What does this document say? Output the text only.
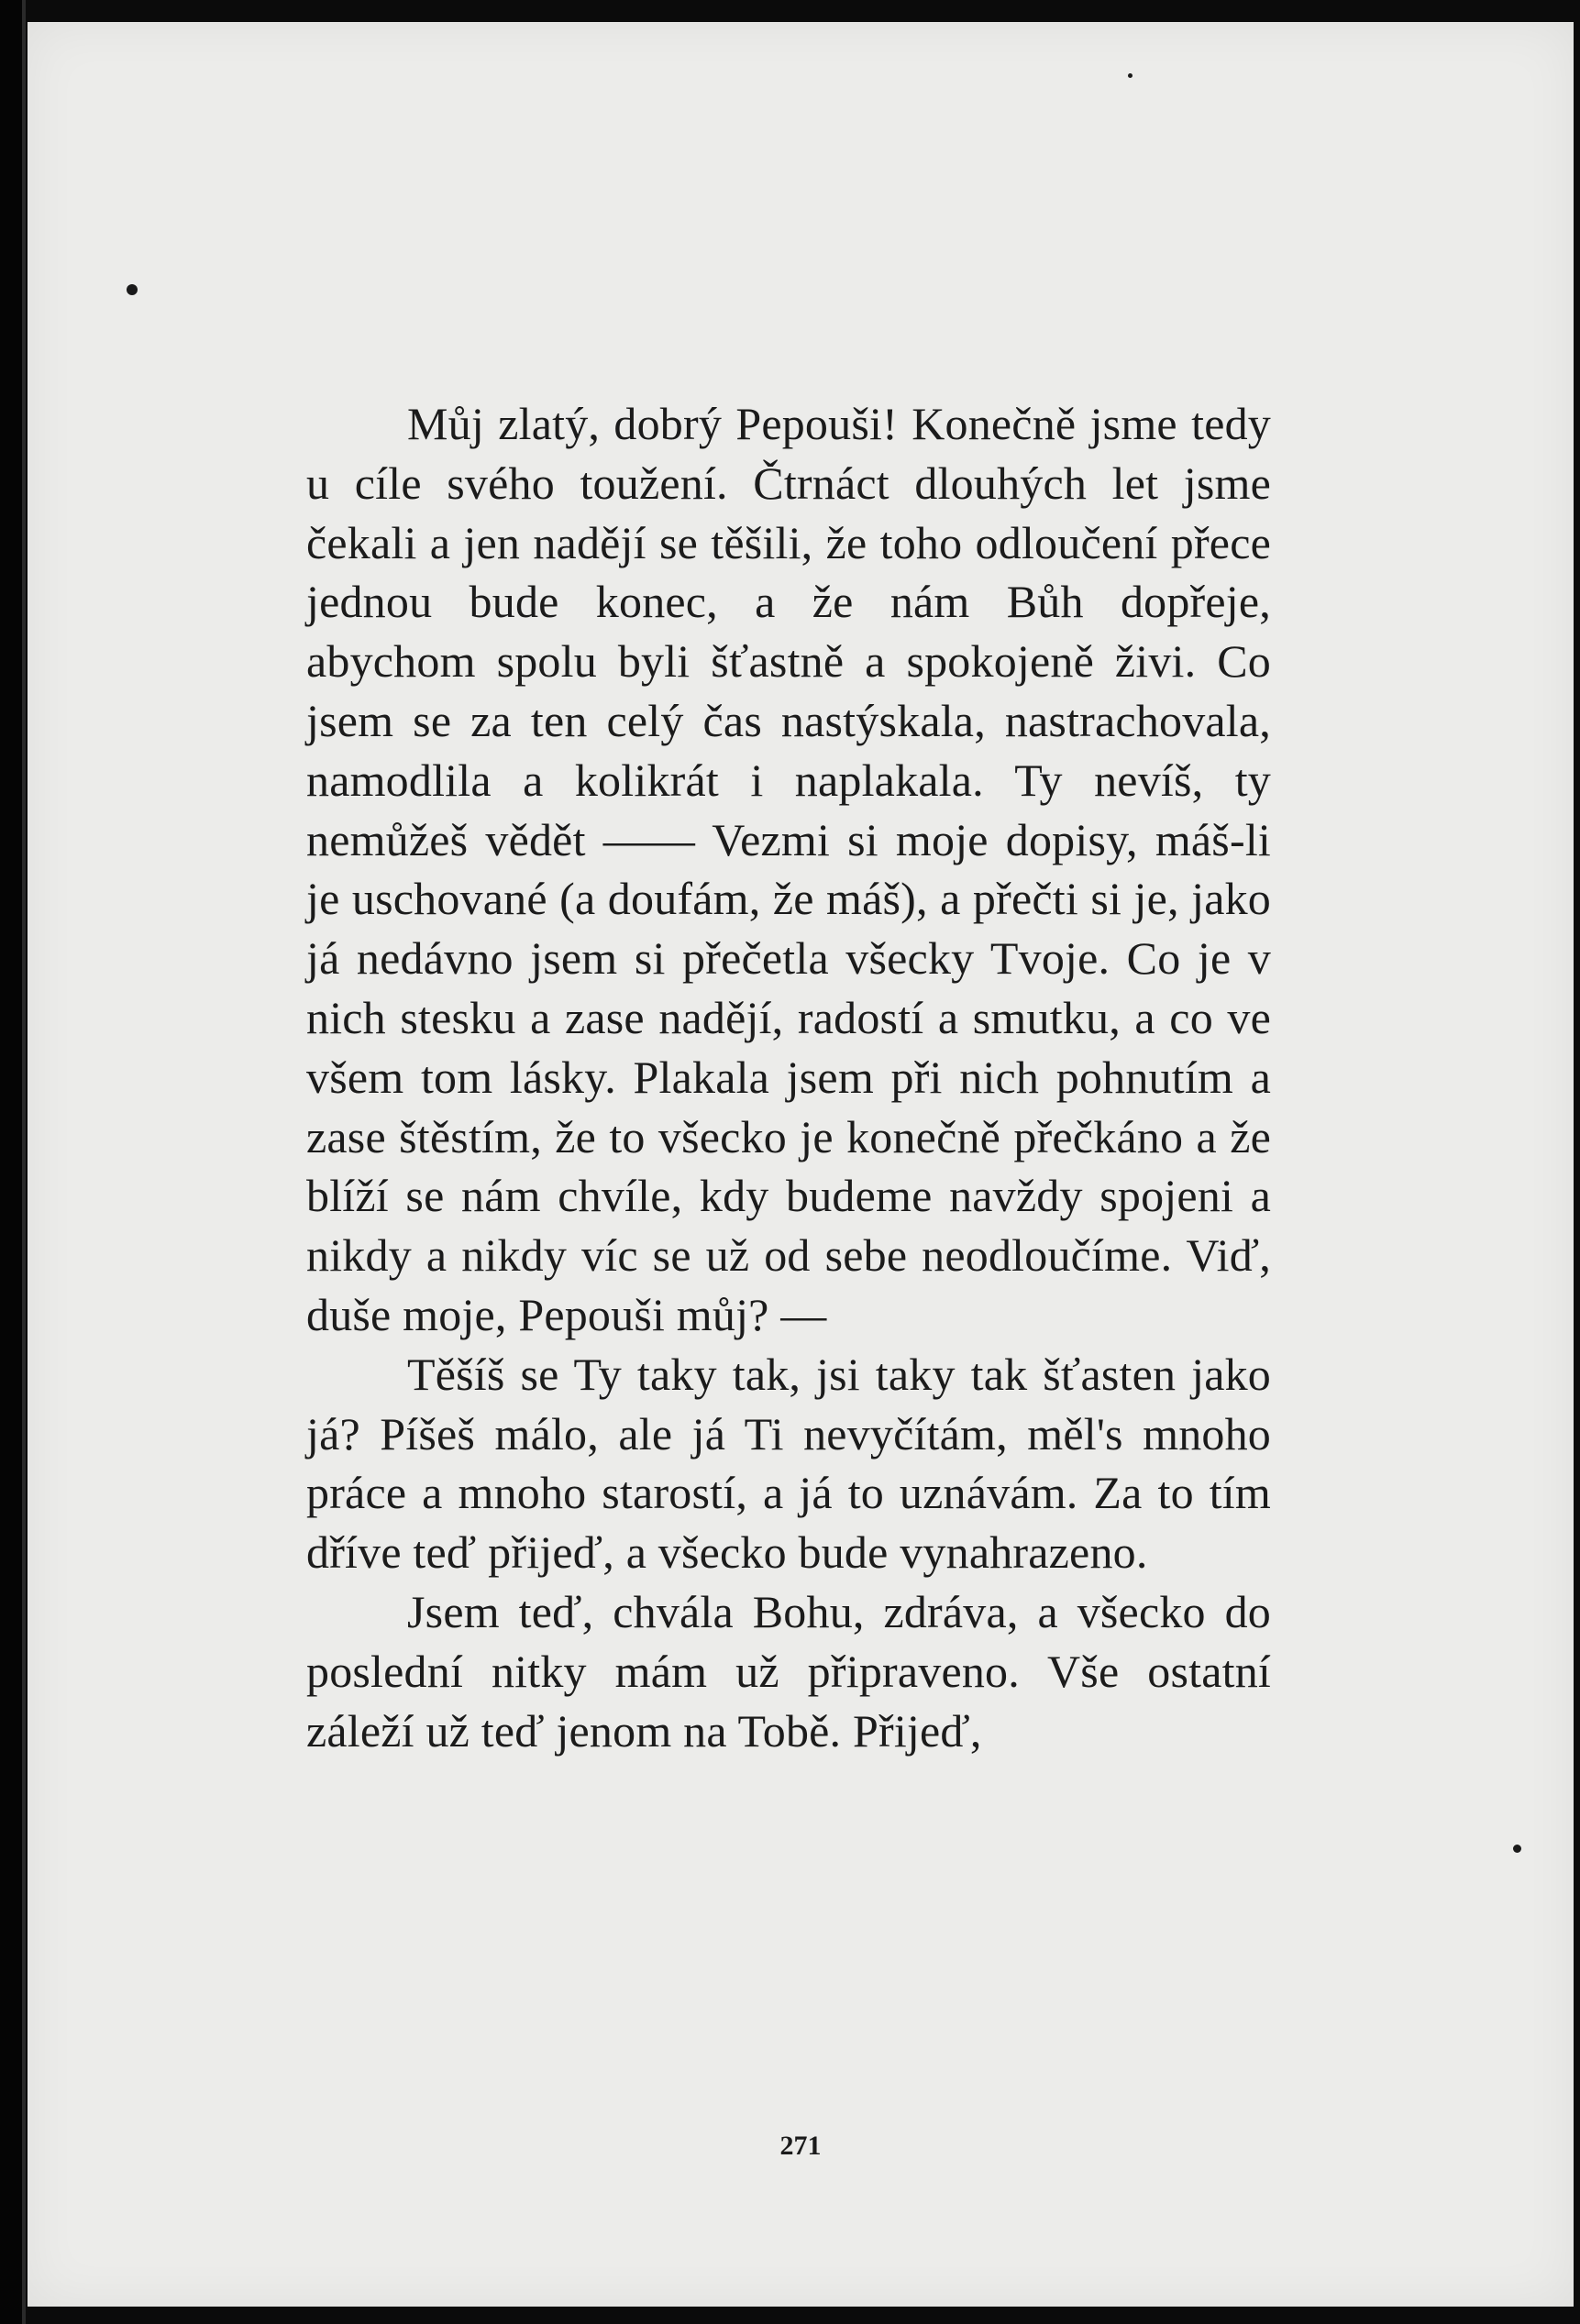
Můj zlatý, dobrý Pepouši! Konečně jsme tedy u cíle svého toužení. Čtrnáct dlouhých let jsme čekali a jen nadějí se těšili, že toho odloučení přece jednou bude konec, a že nám Bůh dopřeje, abychom spolu byli šťastně a spokojeně živi. Co jsem se za ten celý čas nastýskala, nastrachovala, namodlila a kolikrát i naplakala. Ty nevíš, ty nemůžeš vědět —— Vezmi si moje dopisy, máš-li je uschované (a doufám, že máš), a přečti si je, jako já nedávno jsem si přečetla všecky Tvoje. Co je v nich stesku a zase nadějí, radostí a smutku, a co ve všem tom lásky. Plakala jsem při nich pohnutím a zase štěstím, že to všecko je konečně přečkáno a že blíží se nám chvíle, kdy budeme navždy spojeni a nikdy a nikdy víc se už od sebe neodloučíme. Viď, duše moje, Pepouši můj? —

Těšíš se Ty taky tak, jsi taky tak šťasten jako já? Píšeš málo, ale já Ti nevyčítám, měl's mnoho práce a mnoho starostí, a já to uznávám. Za to tím dříve teď přijeď, a všecko bude vynahrazeno.

Jsem teď, chvála Bohu, zdráva, a všecko do poslední nitky mám už připraveno. Vše ostatní záleží už teď jenom na Tobě. Přijeď,

271
